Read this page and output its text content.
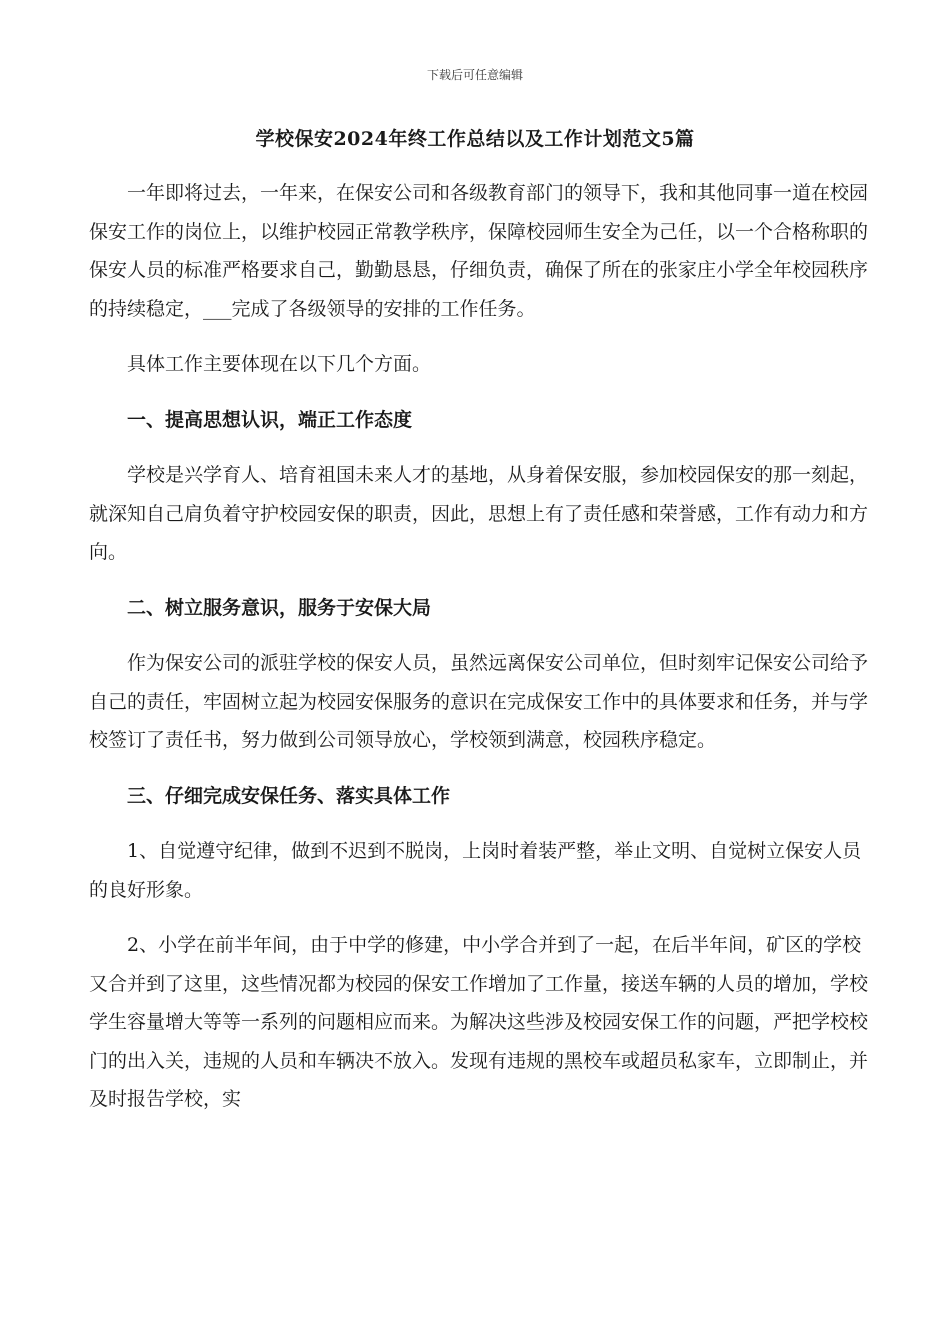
下载后可任意编辑
学校保安2024年终工作总结以及工作计划范文5篇

一年即将过去，一年来，在保安公司和各级教育部门的领导下，我和其他同事一道在校园保安工作的岗位上，以维护校园正常教学秩序，保障校园师生安全为己任，以一个合格称职的保安人员的标准严格要求自己，勤勤恳恳，仔细负责，确保了所在的张家庄小学全年校园秩序的持续稳定，___完成了各级领导的安排的工作任务。

具体工作主要体现在以下几个方面。

一、提高思想认识，端正工作态度

学校是兴学育人、培育祖国未来人才的基地，从身着保安服，参加校园保安的那一刻起，就深知自己肩负着守护校园安保的职责，因此，思想上有了责任感和荣誉感，工作有动力和方向。

二、树立服务意识，服务于安保大局

作为保安公司的派驻学校的保安人员，虽然远离保安公司单位，但时刻牢记保安公司给予自己的责任，牢固树立起为校园安保服务的意识在完成保安工作中的具体要求和任务，并与学校签订了责任书，努力做到公司领导放心，学校领到满意，校园秩序稳定。

三、仔细完成安保任务、落实具体工作

1、自觉遵守纪律，做到不迟到不脱岗，上岗时着装严整，举止文明、自觉树立保安人员的良好形象。

2、小学在前半年间，由于中学的修建，中小学合并到了一起，在后半年间，矿区的学校又合并到了这里，这些情况都为校园的保安工作增加了工作量，接送车辆的人员的增加，学校学生容量增大等等一系列的问题相应而来。为解决这些涉及校园安保工作的问题，严把学校校门的出入关，违规的人员和车辆决不放入。发现有违规的黑校车或超员私家车，立即制止，并及时报告学校，实
